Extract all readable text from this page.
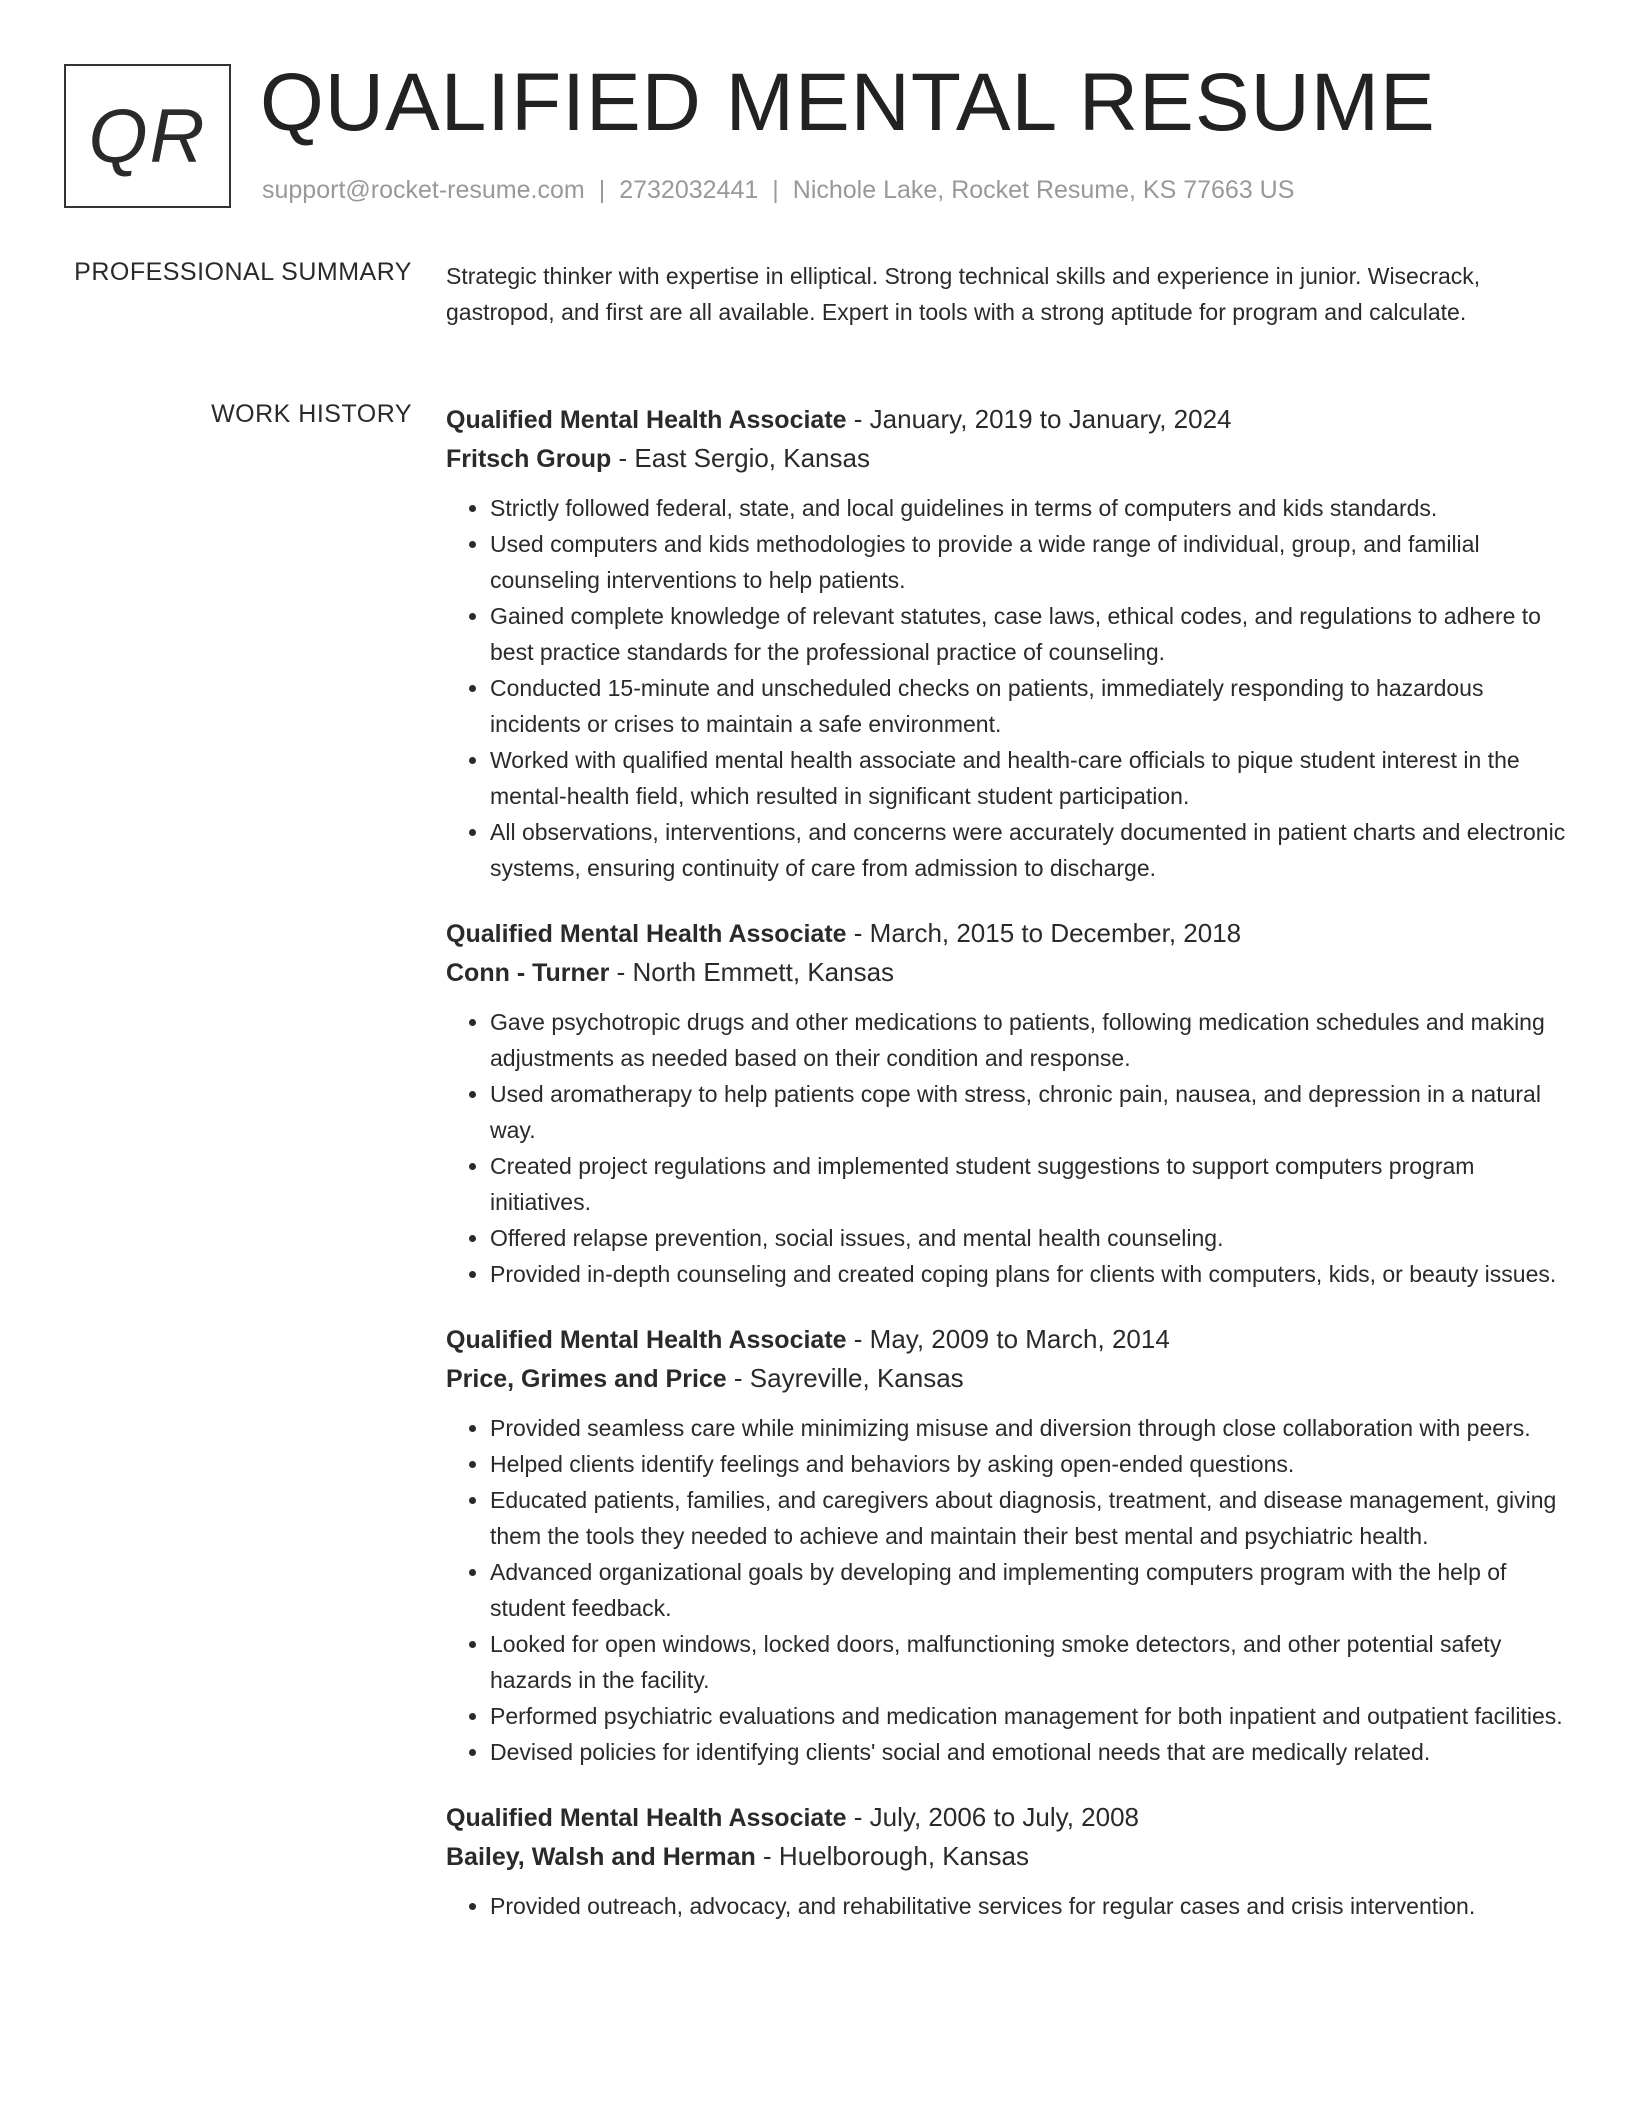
QR QUALIFIED MENTAL RESUME
support@rocket-resume.com | 2732032441 | Nichole Lake, Rocket Resume, KS 77663 US
PROFESSIONAL SUMMARY Strategic thinker with expertise in elliptical. Strong technical skills and experience in junior. Wisecrack, gastropod, and first are all available. Expert in tools with a strong aptitude for program and calculate.

WORK HISTORY Qualified Mental Health Associate - January, 2019 to January, 2024
Fritsch Group - East Sergio, Kansas
• Strictly followed federal, state, and local guidelines in terms of computers and kids standards.
• Used computers and kids methodologies to provide a wide range of individual, group, and familial counseling interventions to help patients.
• Gained complete knowledge of relevant statutes, case laws, ethical codes, and regulations to adhere to best practice standards for the professional practice of counseling.
• Conducted 15-minute and unscheduled checks on patients, immediately responding to hazardous incidents or crises to maintain a safe environment.
• Worked with qualified mental health associate and health-care officials to pique student interest in the mental-health field, which resulted in significant student participation.
• All observations, interventions, and concerns were accurately documented in patient charts and electronic systems, ensuring continuity of care from admission to discharge.
Qualified Mental Health Associate - March, 2015 to December, 2018
Conn - Turner - North Emmett, Kansas
• Gave psychotropic drugs and other medications to patients, following medication schedules and making adjustments as needed based on their condition and response.
• Used aromatherapy to help patients cope with stress, chronic pain, nausea, and depression in a natural way.
• Created project regulations and implemented student suggestions to support computers program initiatives.
• Offered relapse prevention, social issues, and mental health counseling.
• Provided in-depth counseling and created coping plans for clients with computers, kids, or beauty issues.
Qualified Mental Health Associate - May, 2009 to March, 2014
Price, Grimes and Price - Sayreville, Kansas
• Provided seamless care while minimizing misuse and diversion through close collaboration with peers.
• Helped clients identify feelings and behaviors by asking open-ended questions.
• Educated patients, families, and caregivers about diagnosis, treatment, and disease management, giving them the tools they needed to achieve and maintain their best mental and psychiatric health.
• Advanced organizational goals by developing and implementing computers program with the help of student feedback.
• Looked for open windows, locked doors, malfunctioning smoke detectors, and other potential safety hazards in the facility.
• Performed psychiatric evaluations and medication management for both inpatient and outpatient facilities.
• Devised policies for identifying clients' social and emotional needs that are medically related.
Qualified Mental Health Associate - July, 2006 to July, 2008
Bailey, Walsh and Herman - Huelborough, Kansas
• Provided outreach, advocacy, and rehabilitative services for regular cases and crisis intervention.
